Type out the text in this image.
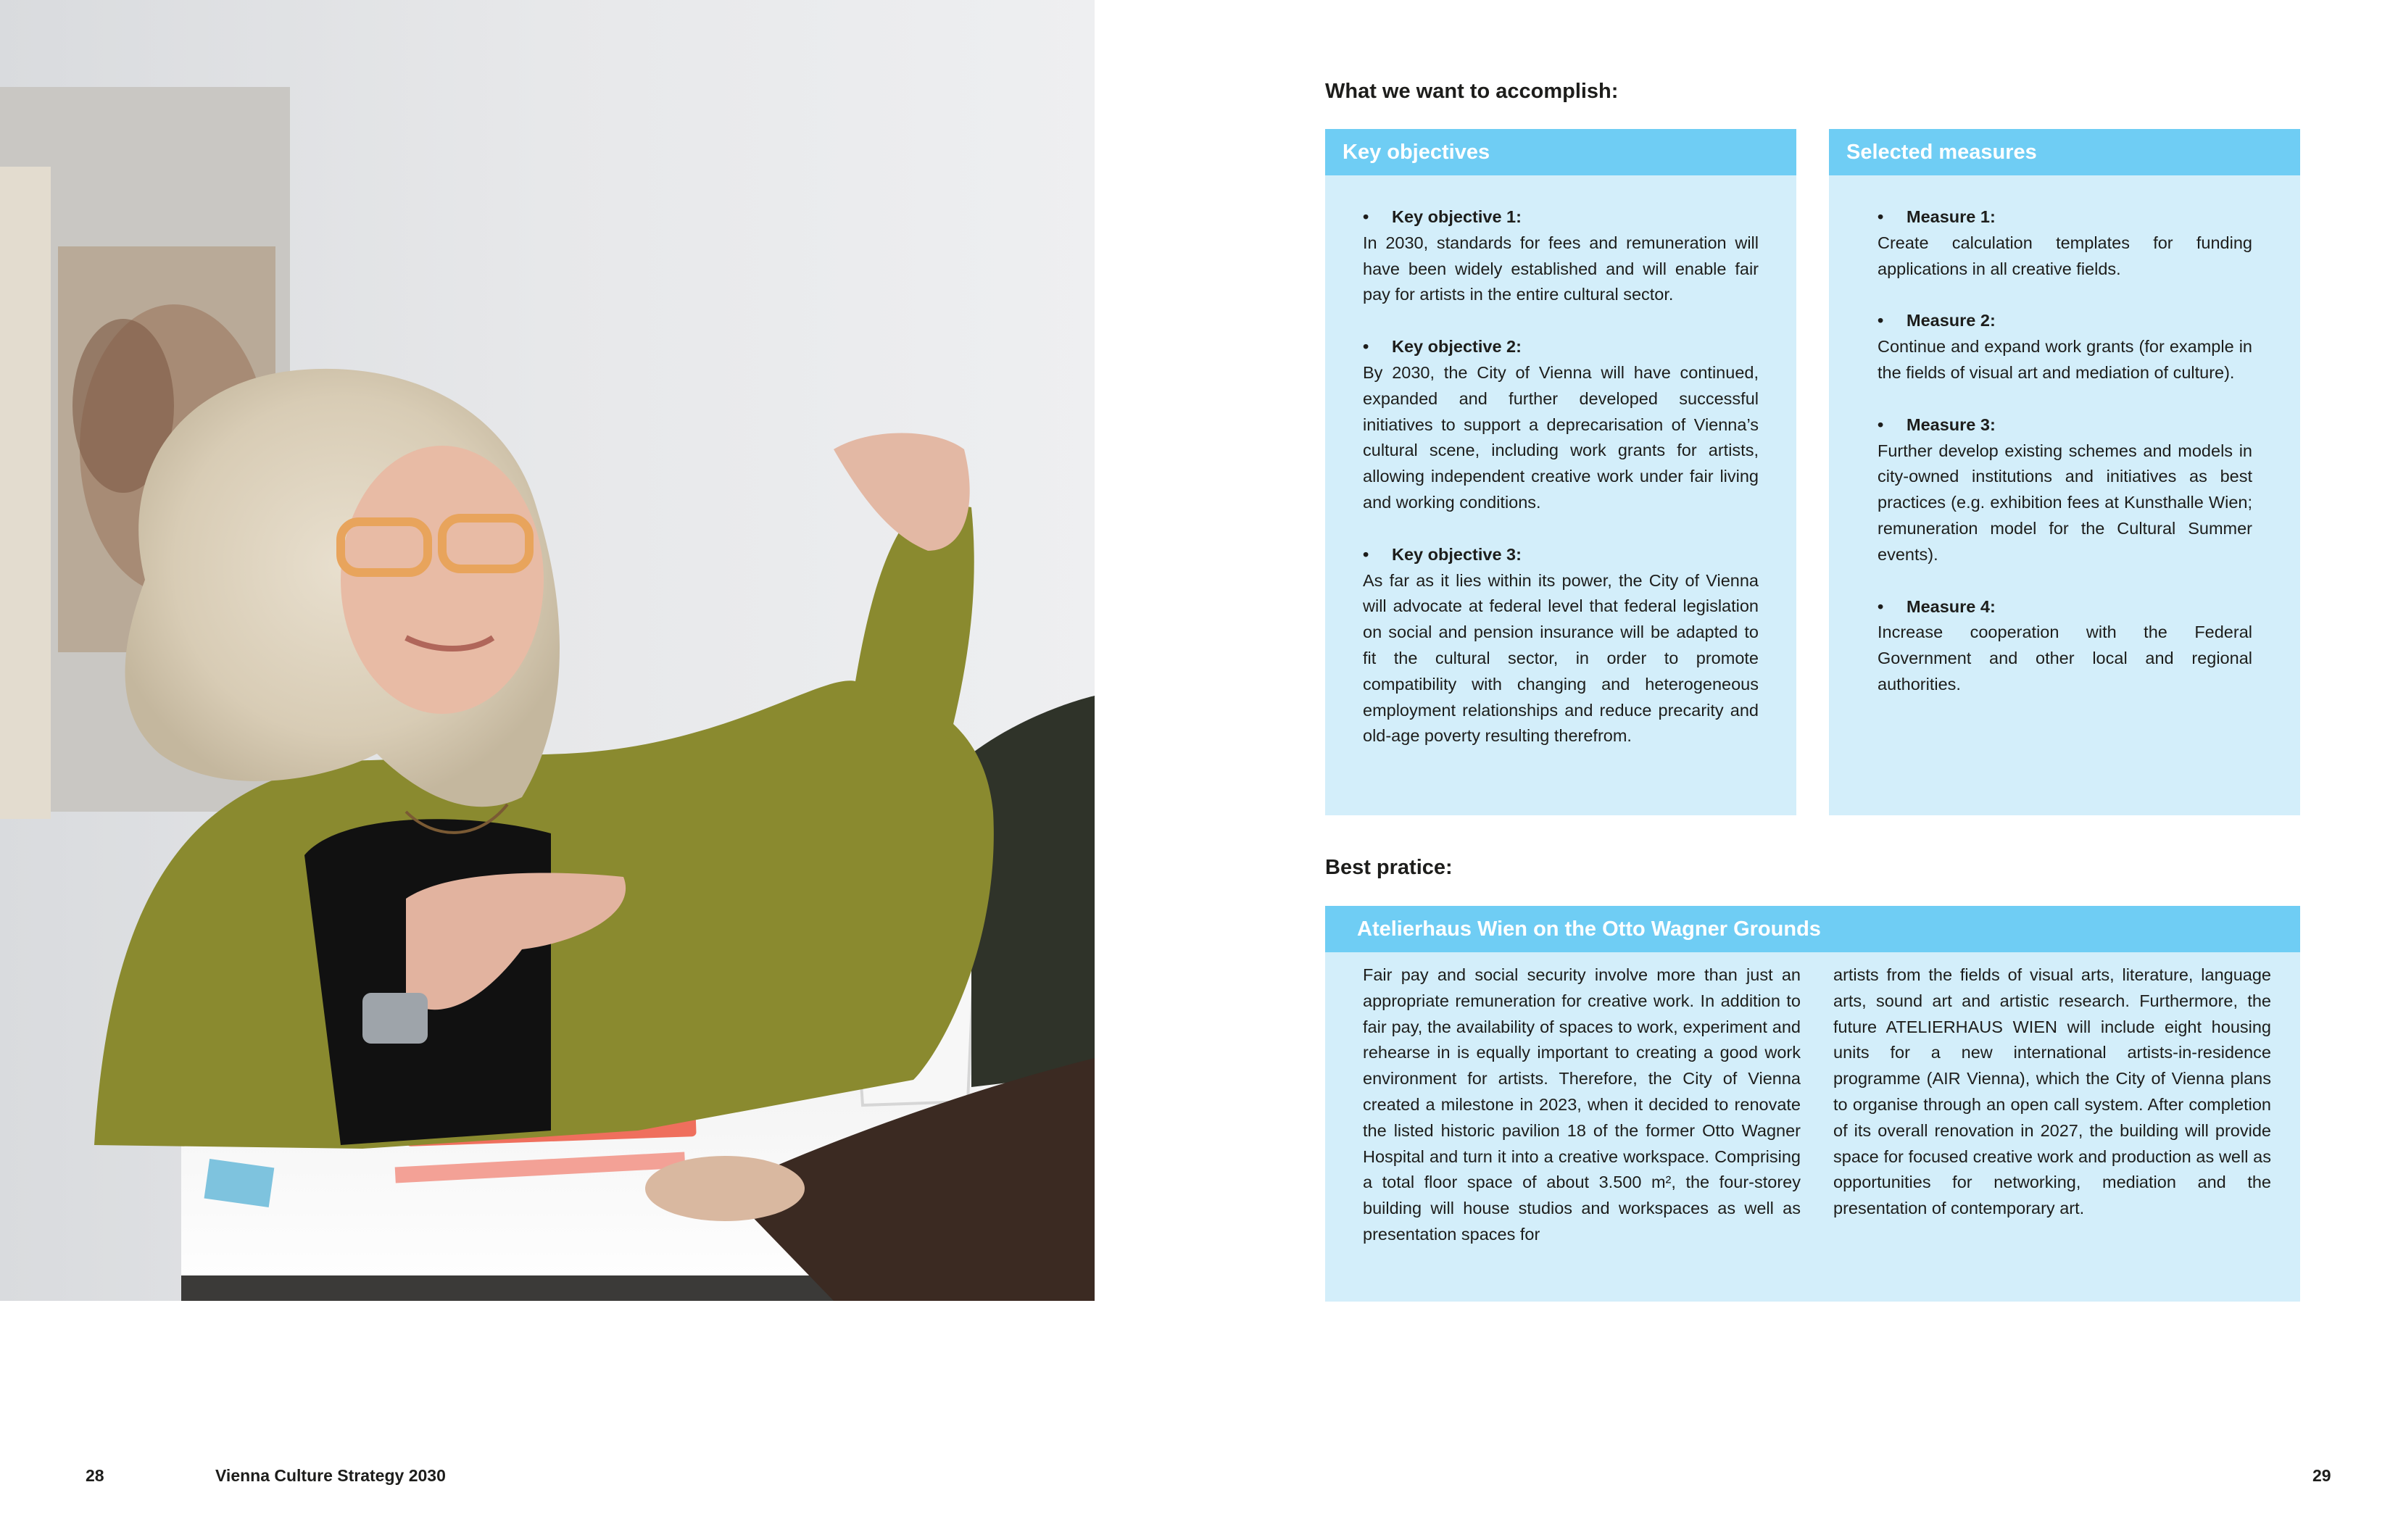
What we want to accomplish:
Key objectives
• Key objective 1:

In 2030, standards for fees and remuneration will have been widely established and will enable fair pay for artists in the entire cultural sector.

• Key objective 2:

By 2030, the City of Vienna will have continued, expanded and further developed successful initiatives to support a deprecarisation of Vienna’s cultural scene, including work grants for artists, allowing independent creative work under fair living and working conditions.

• Key objective 3:

As far as it lies within its power, the City of Vienna will advocate at federal level that federal legislation on social and pension insurance will be adapted to fit the cultural sector, in order to promote compatibility with changing and heterogeneous employment relationships and reduce precarity and old-age poverty resulting therefrom.

Selected measures
• Measure 1:

Create calculation templates for funding applications in all creative fields.

• Measure 2:

Continue and expand work grants (for example in the fields of visual art and mediation of culture).

• Measure 3:

Further develop existing schemes and models in city-owned institutions and initiatives as best practices (e.g. exhibition fees at Kunsthalle Wien; remuneration model for the Cultural Summer events).

• Measure 4:

Increase cooperation with the Federal Government and other local and regional authorities.

Best pratice:
Atelierhaus Wien on the Otto Wagner Grounds

Fair pay and social security involve more than just an appropriate remuneration for creative work. In addition to fair pay, the availability of spaces to work, experiment and rehearse in is equally important to creating a good work environment for artists. Therefore, the City of Vienna created a milestone in 2023, when it decided to renovate the listed historic pavilion 18 of the former Otto Wagner Hospital and turn it into a creative workspace. Comprising a total floor space of about 3.500 m², the four-storey building will house studios and workspaces as well as presentation spaces for

artists from the fields of visual arts, literature, language arts, sound art and artistic research. Furthermore, the future ATELIERHAUS WIEN will include eight housing units for a new international artists-in-residence programme (AIR Vienna), which the City of Vienna plans to organise through an open call system. After completion of its overall renovation in 2027, the building will provide space for focused creative work and production as well as opportunities for networking, mediation and the presentation of contemporary art.

28	Vienna Culture Strategy 2030	29
